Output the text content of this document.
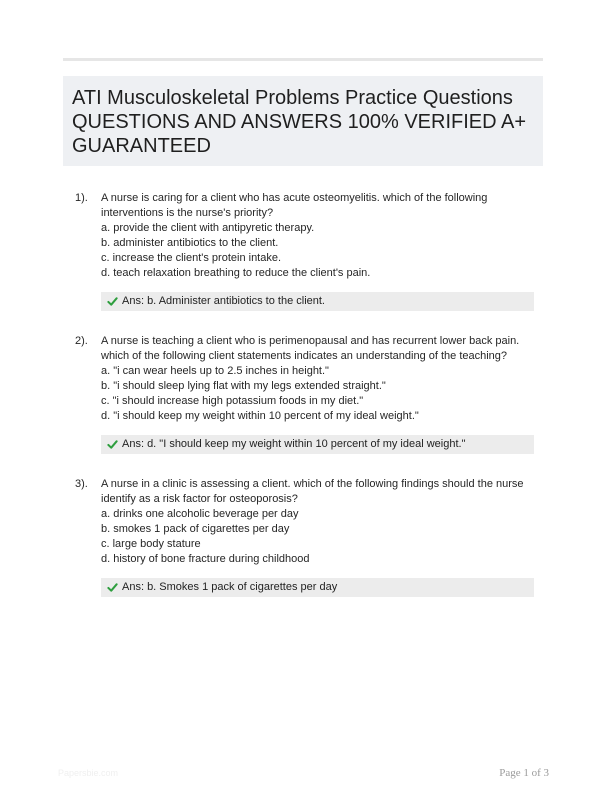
ATI Musculoskeletal Problems Practice Questions QUESTIONS AND ANSWERS 100% VERIFIED A+ GUARANTEED
1). A nurse is caring for a client who has acute osteomyelitis. which of the following interventions is the nurse's priority?

a. provide the client with antipyretic therapy.

b. administer antibiotics to the client.

c. increase the client's protein intake.

d. teach relaxation breathing to reduce the client's pain.

Ans: b. Administer antibiotics to the client.
2). A nurse is teaching a client who is perimenopausal and has recurrent lower back pain. which of the following client statements indicates an understanding of the teaching?

a. "i can wear heels up to 2.5 inches in height."

b. "i should sleep lying flat with my legs extended straight."

c. "i should increase high potassium foods in my diet."

d. "i should keep my weight within 10 percent of my ideal weight."

Ans: d. "I should keep my weight within 10 percent of my ideal weight."
3). A nurse in a clinic is assessing a client. which of the following findings should the nurse identify as a risk factor for osteoporosis?

a. drinks one alcoholic beverage per day

b. smokes 1 pack of cigarettes per day

c. large body stature

d. history of bone fracture during childhood

Ans: b. Smokes 1 pack of cigarettes per day
Papersbie.com	Page 1 of 3
